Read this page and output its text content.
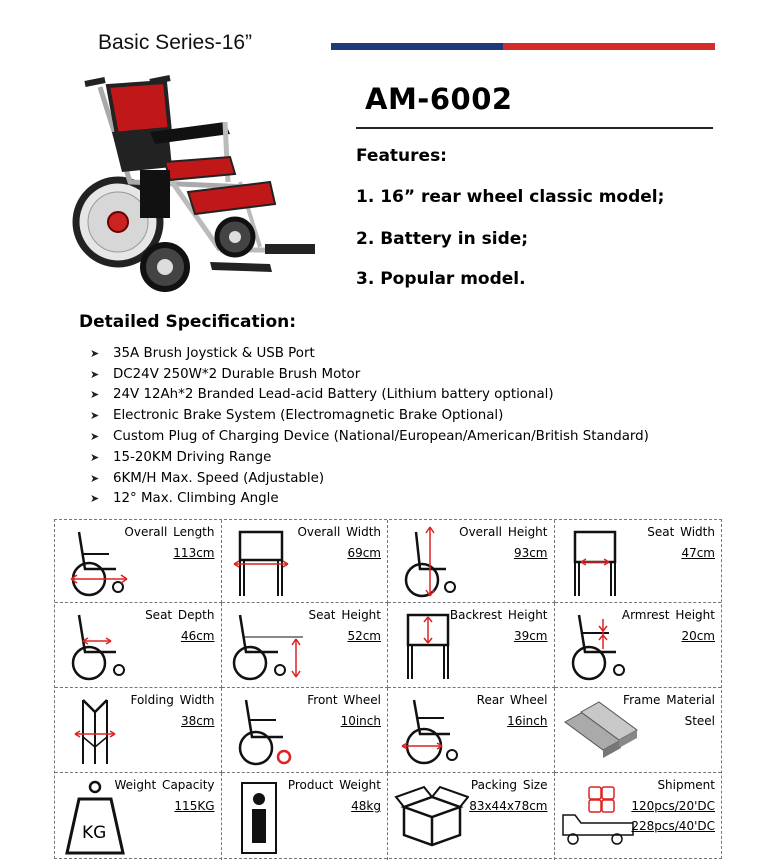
Basic Series-16”
AM-6002
Features:
1. 16” rear wheel classic model;
2. Battery in side;
3. Popular model.
Detailed Specification:
➤	35A Brush Joystick & USB Port
➤	DC24V 250W*2 Durable Brush Motor
➤	24V 12Ah*2 Branded Lead-acid Battery (Lithium battery optional)
➤	Electronic Brake System (Electromagnetic Brake Optional)
➤	Custom Plug of Charging Device (National/European/American/British Standard)
➤	15-20KM Driving Range
➤	6KM/H Max. Speed (Adjustable)
➤	12° Max. Climbing Angle
Overall Length
113cm
Overall Width
69cm
Overall Height
93cm
Seat Width
47cm
Seat Depth
46cm
Seat Height
52cm
Backrest Height
39cm
Armrest Height
20cm
Folding Width
38cm
Front Wheel
10inch
Rear Wheel
16inch
Frame Material
Steel
KG
Weight Capacity
115KG
Product Weight
48kg
Packing Size
83x44x78cm
Shipment
120pcs/20'DC
228pcs/40'DC
